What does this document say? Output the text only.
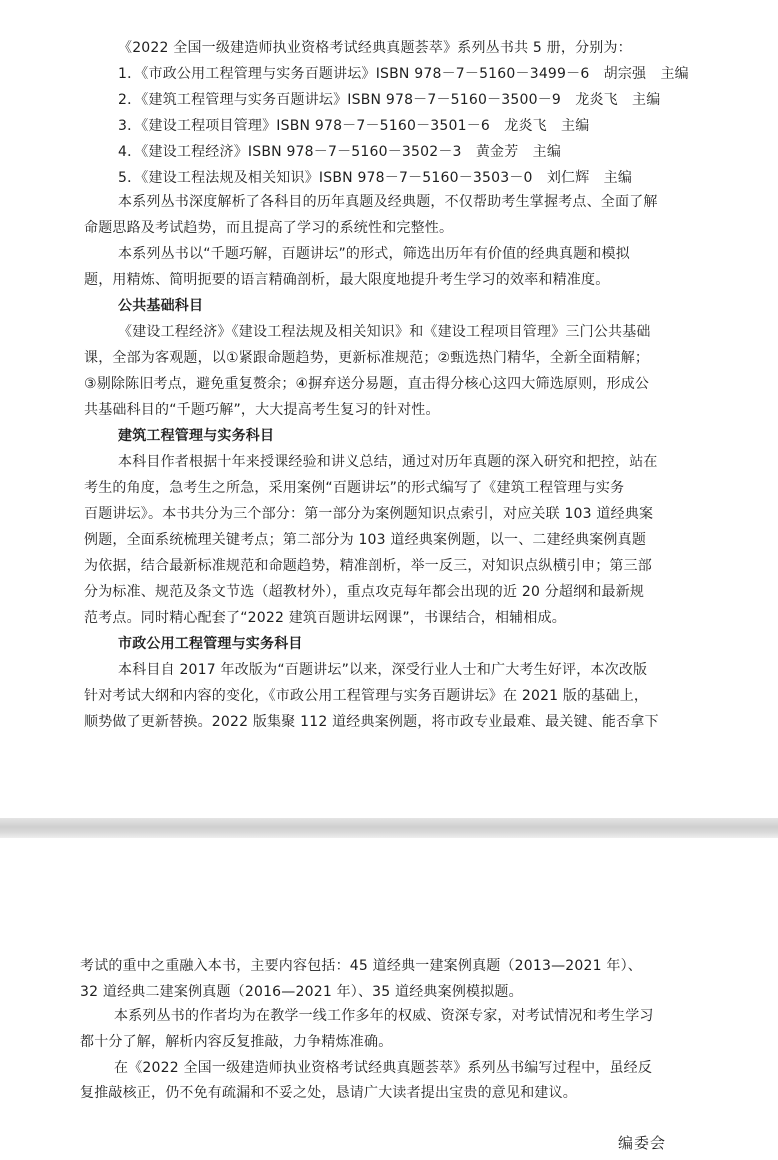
《2022 全国一级建造师执业资格考试经典真题荟萃》系列丛书共 5 册，分别为：
1．《市政公用工程管理与实务百题讲坛》ISBN 978－7－5160－3499－6　胡宗强　主编
2．《建筑工程管理与实务百题讲坛》ISBN 978－7－5160－3500－9　龙炎飞　主编
3．《建设工程项目管理》ISBN 978－7－5160－3501－6　龙炎飞　主编
4．《建设工程经济》ISBN 978－7－5160－3502－3　黄金芳　主编
5．《建设工程法规及相关知识》ISBN 978－7－5160－3503－0　刘仁辉　主编
本系列丛书深度解析了各科目的历年真题及经典题，不仅帮助考生掌握考点、全面了解
命题思路及考试趋势，而且提高了学习的系统性和完整性。
本系列丛书以“千题巧解，百题讲坛”的形式，筛选出历年有价值的经典真题和模拟
题，用精炼、简明扼要的语言精确剖析，最大限度地提升考生学习的效率和精准度。
公共基础科目
《建设工程经济》《建设工程法规及相关知识》和《建设工程项目管理》三门公共基础
课，全部为客观题，以①紧跟命题趋势，更新标准规范；②甄选热门精华，全新全面精解；
③剔除陈旧考点，避免重复赘余；④摒弃送分易题，直击得分核心这四大筛选原则，形成公
共基础科目的“千题巧解”，大大提高考生复习的针对性。
建筑工程管理与实务科目
本科目作者根据十年来授课经验和讲义总结，通过对历年真题的深入研究和把控，站在
考生的角度，急考生之所急，采用案例“百题讲坛”的形式编写了《建筑工程管理与实务
百题讲坛》。本书共分为三个部分：第一部分为案例题知识点索引，对应关联 103 道经典案
例题，全面系统梳理关键考点；第二部分为 103 道经典案例题，以一、二建经典案例真题
为依据，结合最新标准规范和命题趋势，精准剖析，举一反三，对知识点纵横引申；第三部
分为标准、规范及条文节选（超教材外），重点攻克每年都会出现的近 20 分超纲和最新规
范考点。同时精心配套了“2022 建筑百题讲坛网课”，书课结合，相辅相成。
市政公用工程管理与实务科目
本科目自 2017 年改版为“百题讲坛”以来，深受行业人士和广大考生好评，本次改版
针对考试大纲和内容的变化，《市政公用工程管理与实务百题讲坛》在 2021 版的基础上，
顺势做了更新替换。2022 版集聚 112 道经典案例题，将市政专业最难、最关键、能否拿下
考试的重中之重融入本书，主要内容包括：45 道经典一建案例真题（2013—2021 年）、
32 道经典二建案例真题（2016—2021 年）、35 道经典案例模拟题。
本系列丛书的作者均为在教学一线工作多年的权威、资深专家，对考试情况和考生学习
都十分了解，解析内容反复推敲，力争精炼准确。
在《2022 全国一级建造师执业资格考试经典真题荟萃》系列丛书编写过程中，虽经反
复推敲核正，仍不免有疏漏和不妥之处，恳请广大读者提出宝贵的意见和建议。
编委会
